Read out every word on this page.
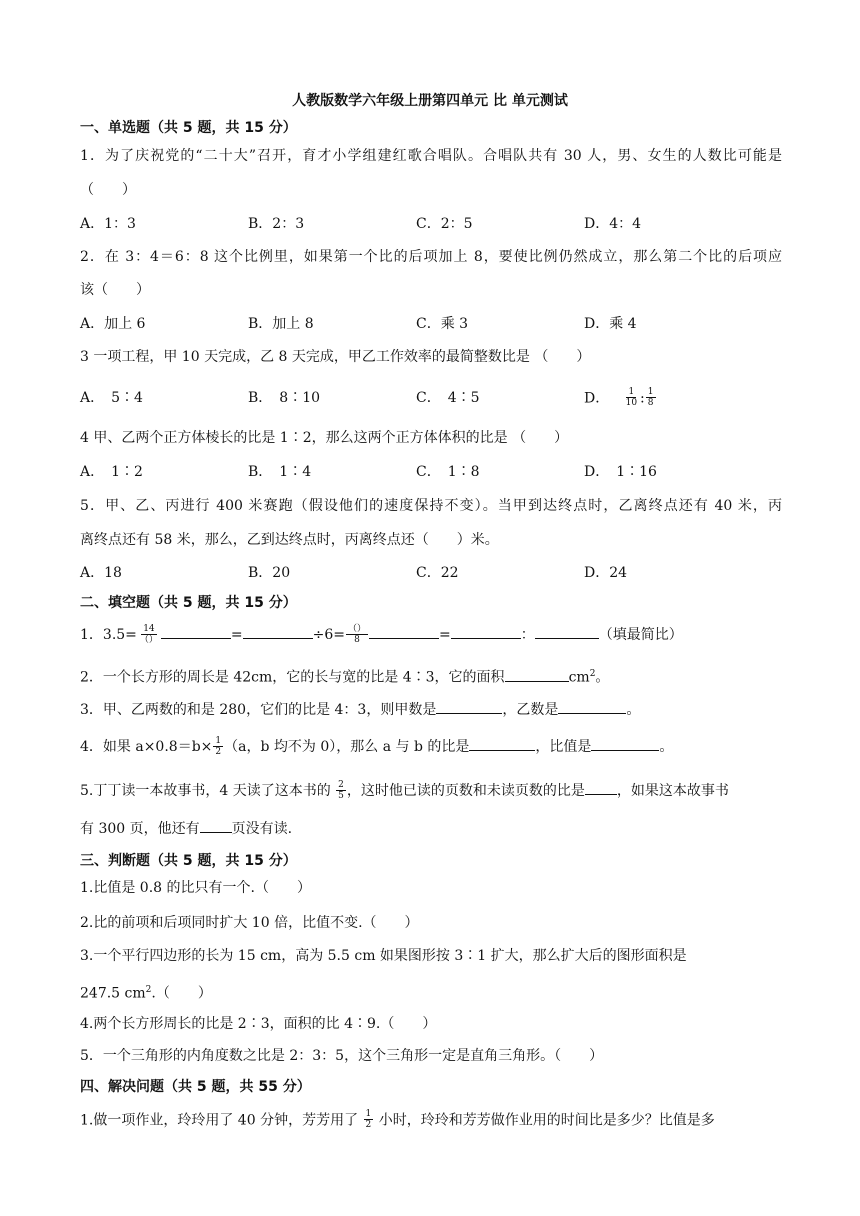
人教版数学六年级上册第四单元 比 单元测试
一、单选题（共 5 题，共 15 分）
1．为了庆祝党的“二十大”召开，育才小学组建红歌合唱队。合唱队共有 30 人，男、女生的人数比可能是
（　　）
A．1：3	B．2：3	C．2：5	D．4：4
2．在 3：4＝6：8 这个比例里，如果第一个比的后项加上 8，要使比例仍然成立，那么第二个比的后项应
该（　　）
A．加上 6	B．加上 8	C．乘 3	D．乘 4
3 一项工程，甲 10 天完成，乙 8 天完成，甲乙工作效率的最简整数比是 （　　）
A．　5∶4	B．　8∶10	C．　4∶5	D． $\frac{1}{10}$ : $\frac{1}{8}$
4 甲、乙两个正方体棱长的比是 1∶2，那么这两个正方体体积的比是 （　　）
A．　1∶2	B．　1∶4	C．　1∶8	D．　1∶16
5．甲、乙、丙进行 400 米赛跑（假设他们的速度保持不变）。当甲到达终点时，乙离终点还有 40 米，丙
离终点还有 58 米，那么，乙到达终点时，丙离终点还（　　）米。
A．18	B．20	C．22	D．24
二、填空题（共 5 题，共 15 分）
1．$3.5= \frac{14}{()}$	=	$\div 6= \frac{()}{8}$	=	：	（填最简比）
2．一个长方形的周长是 42cm，它的长与宽的比是 4∶3，它的面积	$cm^2$。
3．甲、乙两数的和是 280，它们的比是 4：3，则甲数是	，乙数是	。
4．如果 $a\times 0.8=b\times \frac{1}{2} (a$，b 均不为 0），那么 a 与 b 的比是	，比值是	。
5.丁丁读一本故事书，4 天读了这本书的 $\frac{2}{5}$ ，这时他已读的页数和未读页数的比是 ，如果这本故事书
有 300 页，他还有 页没有读.
三、判断题（共 5 题，共 15 分）
1.比值是 0.8 的比只有一个.（　　）
2.比的前项和后项同时扩大 10 倍，比值不变.（　　）
3.一个平行四边形的长为 15 cm，高为 5.5 cm 如果图形按 3∶1 扩大，那么扩大后的图形面积是
247.5 $cm^2$.（　　）
4.两个长方形周长的比是 2∶3，面积的比 4∶9.（　　）
5．一个三角形的内角度数之比是 2：3：5，这个三角形一定是直角三角形。（　　）
四、解决问题（共 5 题，共 55 分）
1.做一项作业，玲玲用了 40 分钟，芳芳用了 $\frac{1}{2}$ 小时，玲玲和芳芳做作业用的时间比是多少？比值是多
